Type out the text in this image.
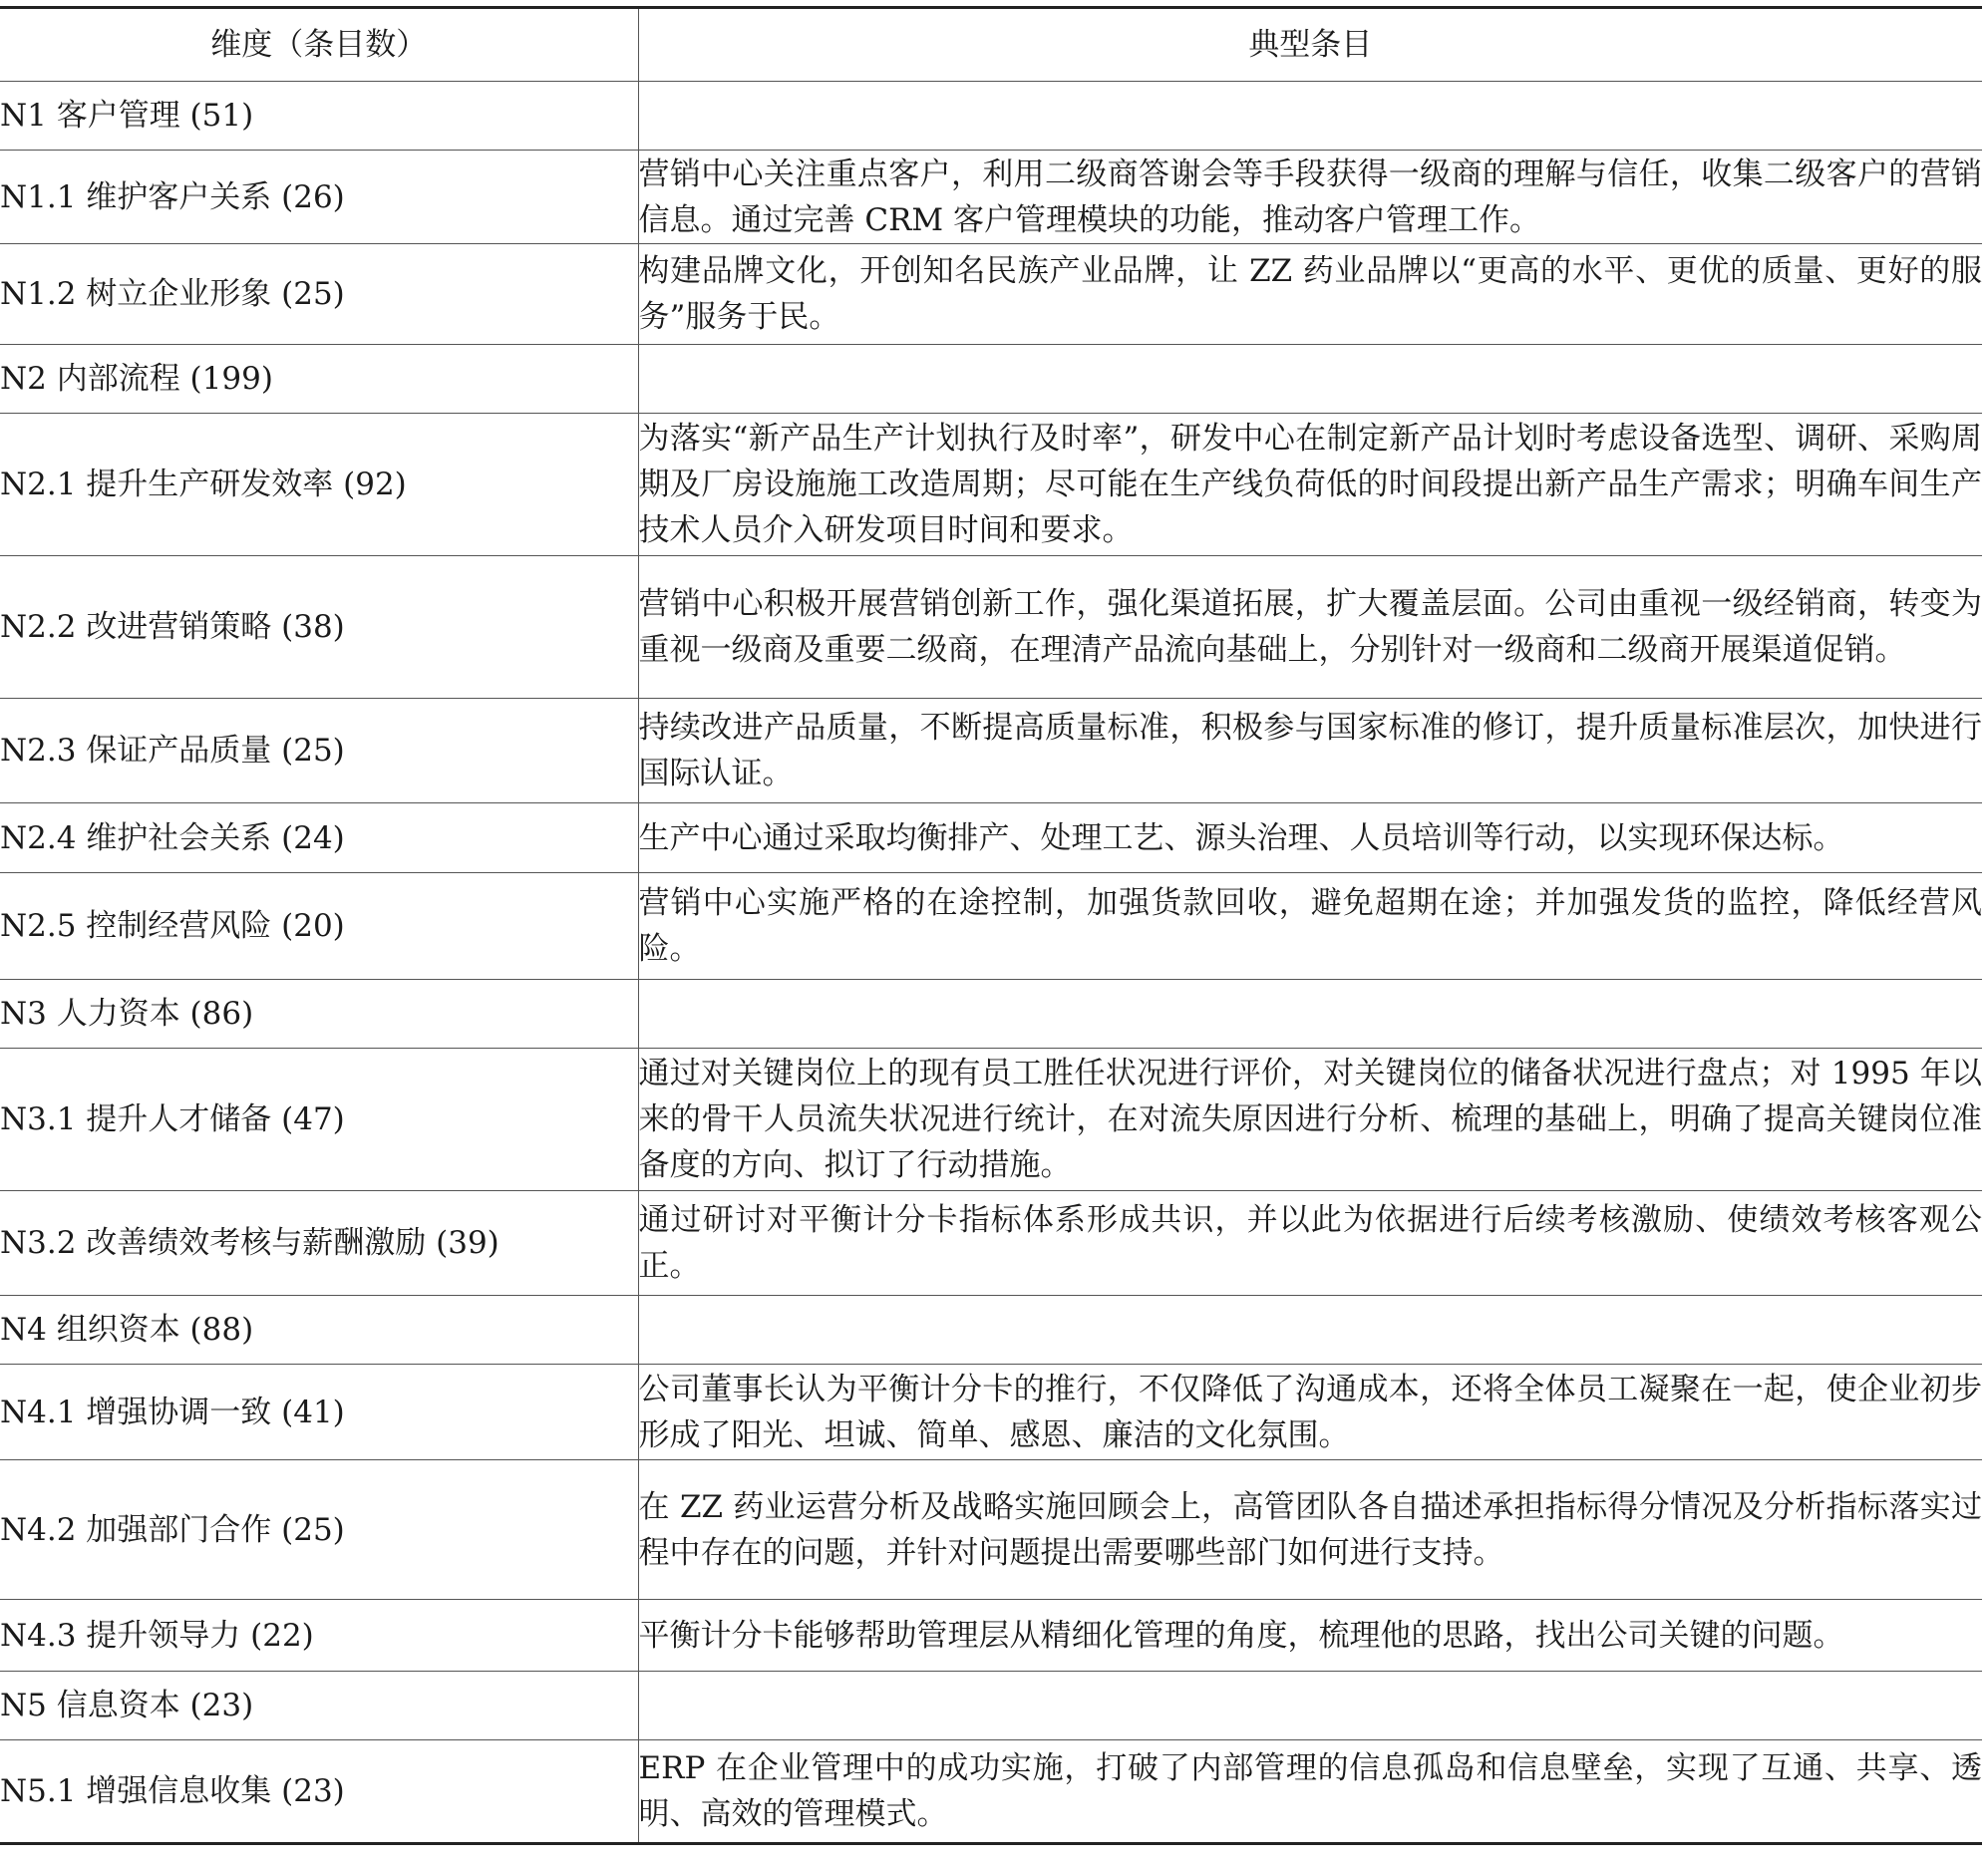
维度（条目数）	典型条目
N1 客户管理 (51)	
N1.1 维护客户关系 (26)	营销中心关注重点客户，利用二级商答谢会等手段获得一级商的理解与信任，收集二级客户的营销信息。通过完善 CRM 客户管理模块的功能，推动客户管理工作。
N1.2 树立企业形象 (25)	构建品牌文化，开创知名民族产业品牌，让 ZZ 药业品牌以“更高的水平、更优的质量、更好的服务”服务于民。
N2 内部流程 (199)	
N2.1 提升生产研发效率 (92)	为落实“新产品生产计划执行及时率”，研发中心在制定新产品计划时考虑设备选型、调研、采购周期及厂房设施施工改造周期；尽可能在生产线负荷低的时间段提出新产品生产需求；明确车间生产技术人员介入研发项目时间和要求。
N2.2 改进营销策略 (38)	营销中心积极开展营销创新工作，强化渠道拓展，扩大覆盖层面。公司由重视一级经销商，转变为重视一级商及重要二级商，在理清产品流向基础上，分别针对一级商和二级商开展渠道促销。
N2.3 保证产品质量 (25)	持续改进产品质量，不断提高质量标准，积极参与国家标准的修订，提升质量标准层次，加快进行国际认证。
N2.4 维护社会关系 (24)	生产中心通过采取均衡排产、处理工艺、源头治理、人员培训等行动，以实现环保达标。
N2.5 控制经营风险 (20)	营销中心实施严格的在途控制，加强货款回收，避免超期在途；并加强发货的监控，降低经营风险。
N3 人力资本 (86)	
N3.1 提升人才储备 (47)	通过对关键岗位上的现有员工胜任状况进行评价，对关键岗位的储备状况进行盘点；对 1995 年以来的骨干人员流失状况进行统计，在对流失原因进行分析、梳理的基础上，明确了提高关键岗位准备度的方向、拟订了行动措施。
N3.2 改善绩效考核与薪酬激励 (39)	通过研讨对平衡计分卡指标体系形成共识，并以此为依据进行后续考核激励、使绩效考核客观公正。
N4 组织资本 (88)	
N4.1 增强协调一致 (41)	公司董事长认为平衡计分卡的推行，不仅降低了沟通成本，还将全体员工凝聚在一起，使企业初步形成了阳光、坦诚、简单、感恩、廉洁的文化氛围。
N4.2 加强部门合作 (25)	在 ZZ 药业运营分析及战略实施回顾会上，高管团队各自描述承担指标得分情况及分析指标落实过程中存在的问题，并针对问题提出需要哪些部门如何进行支持。
N4.3 提升领导力 (22)	平衡计分卡能够帮助管理层从精细化管理的角度，梳理他的思路，找出公司关键的问题。
N5 信息资本 (23)	
N5.1 增强信息收集 (23)	ERP 在企业管理中的成功实施，打破了内部管理的信息孤岛和信息壁垒，实现了互通、共享、透明、高效的管理模式。
